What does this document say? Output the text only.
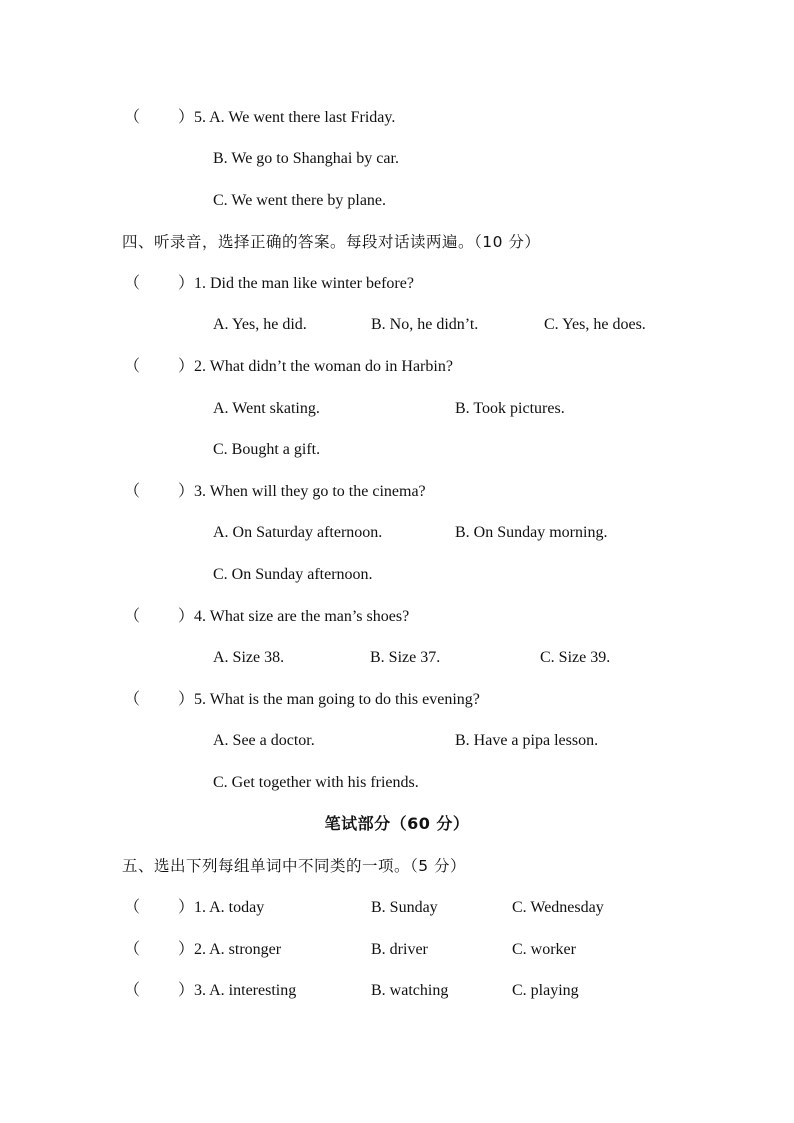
（ ） 5. A. We went there last Friday.
B. We go to Shanghai by car.
C. We went there by plane.
四、听录音，选择正确的答案。每段对话读两遍。（10 分）
（ ） 1. Did the man like winter before?
A. Yes, he did.	B. No, he didn’t.	C. Yes, he does.
（ ） 2. What didn’t the woman do in Harbin?
A. Went skating.	B. Took pictures.
C. Bought a gift.
（ ） 3. When will they go to the cinema?
A. On Saturday afternoon.	B. On Sunday morning.
C. On Sunday afternoon.
（ ） 4. What size are the man’s shoes?
A. Size 38.	B. Size 37.	C. Size 39.
（ ） 5. What is the man going to do this evening?
A. See a doctor.	B. Have a pipa lesson.
C. Get together with his friends.
笔试部分（60 分）
五、选出下列每组单词中不同类的一项。（5 分）
（ ） 1. A. today	B. Sunday	C. Wednesday
（ ） 2. A. stronger	B. driver	C. worker
（ ） 3. A. interesting	B. watching	C. playing
